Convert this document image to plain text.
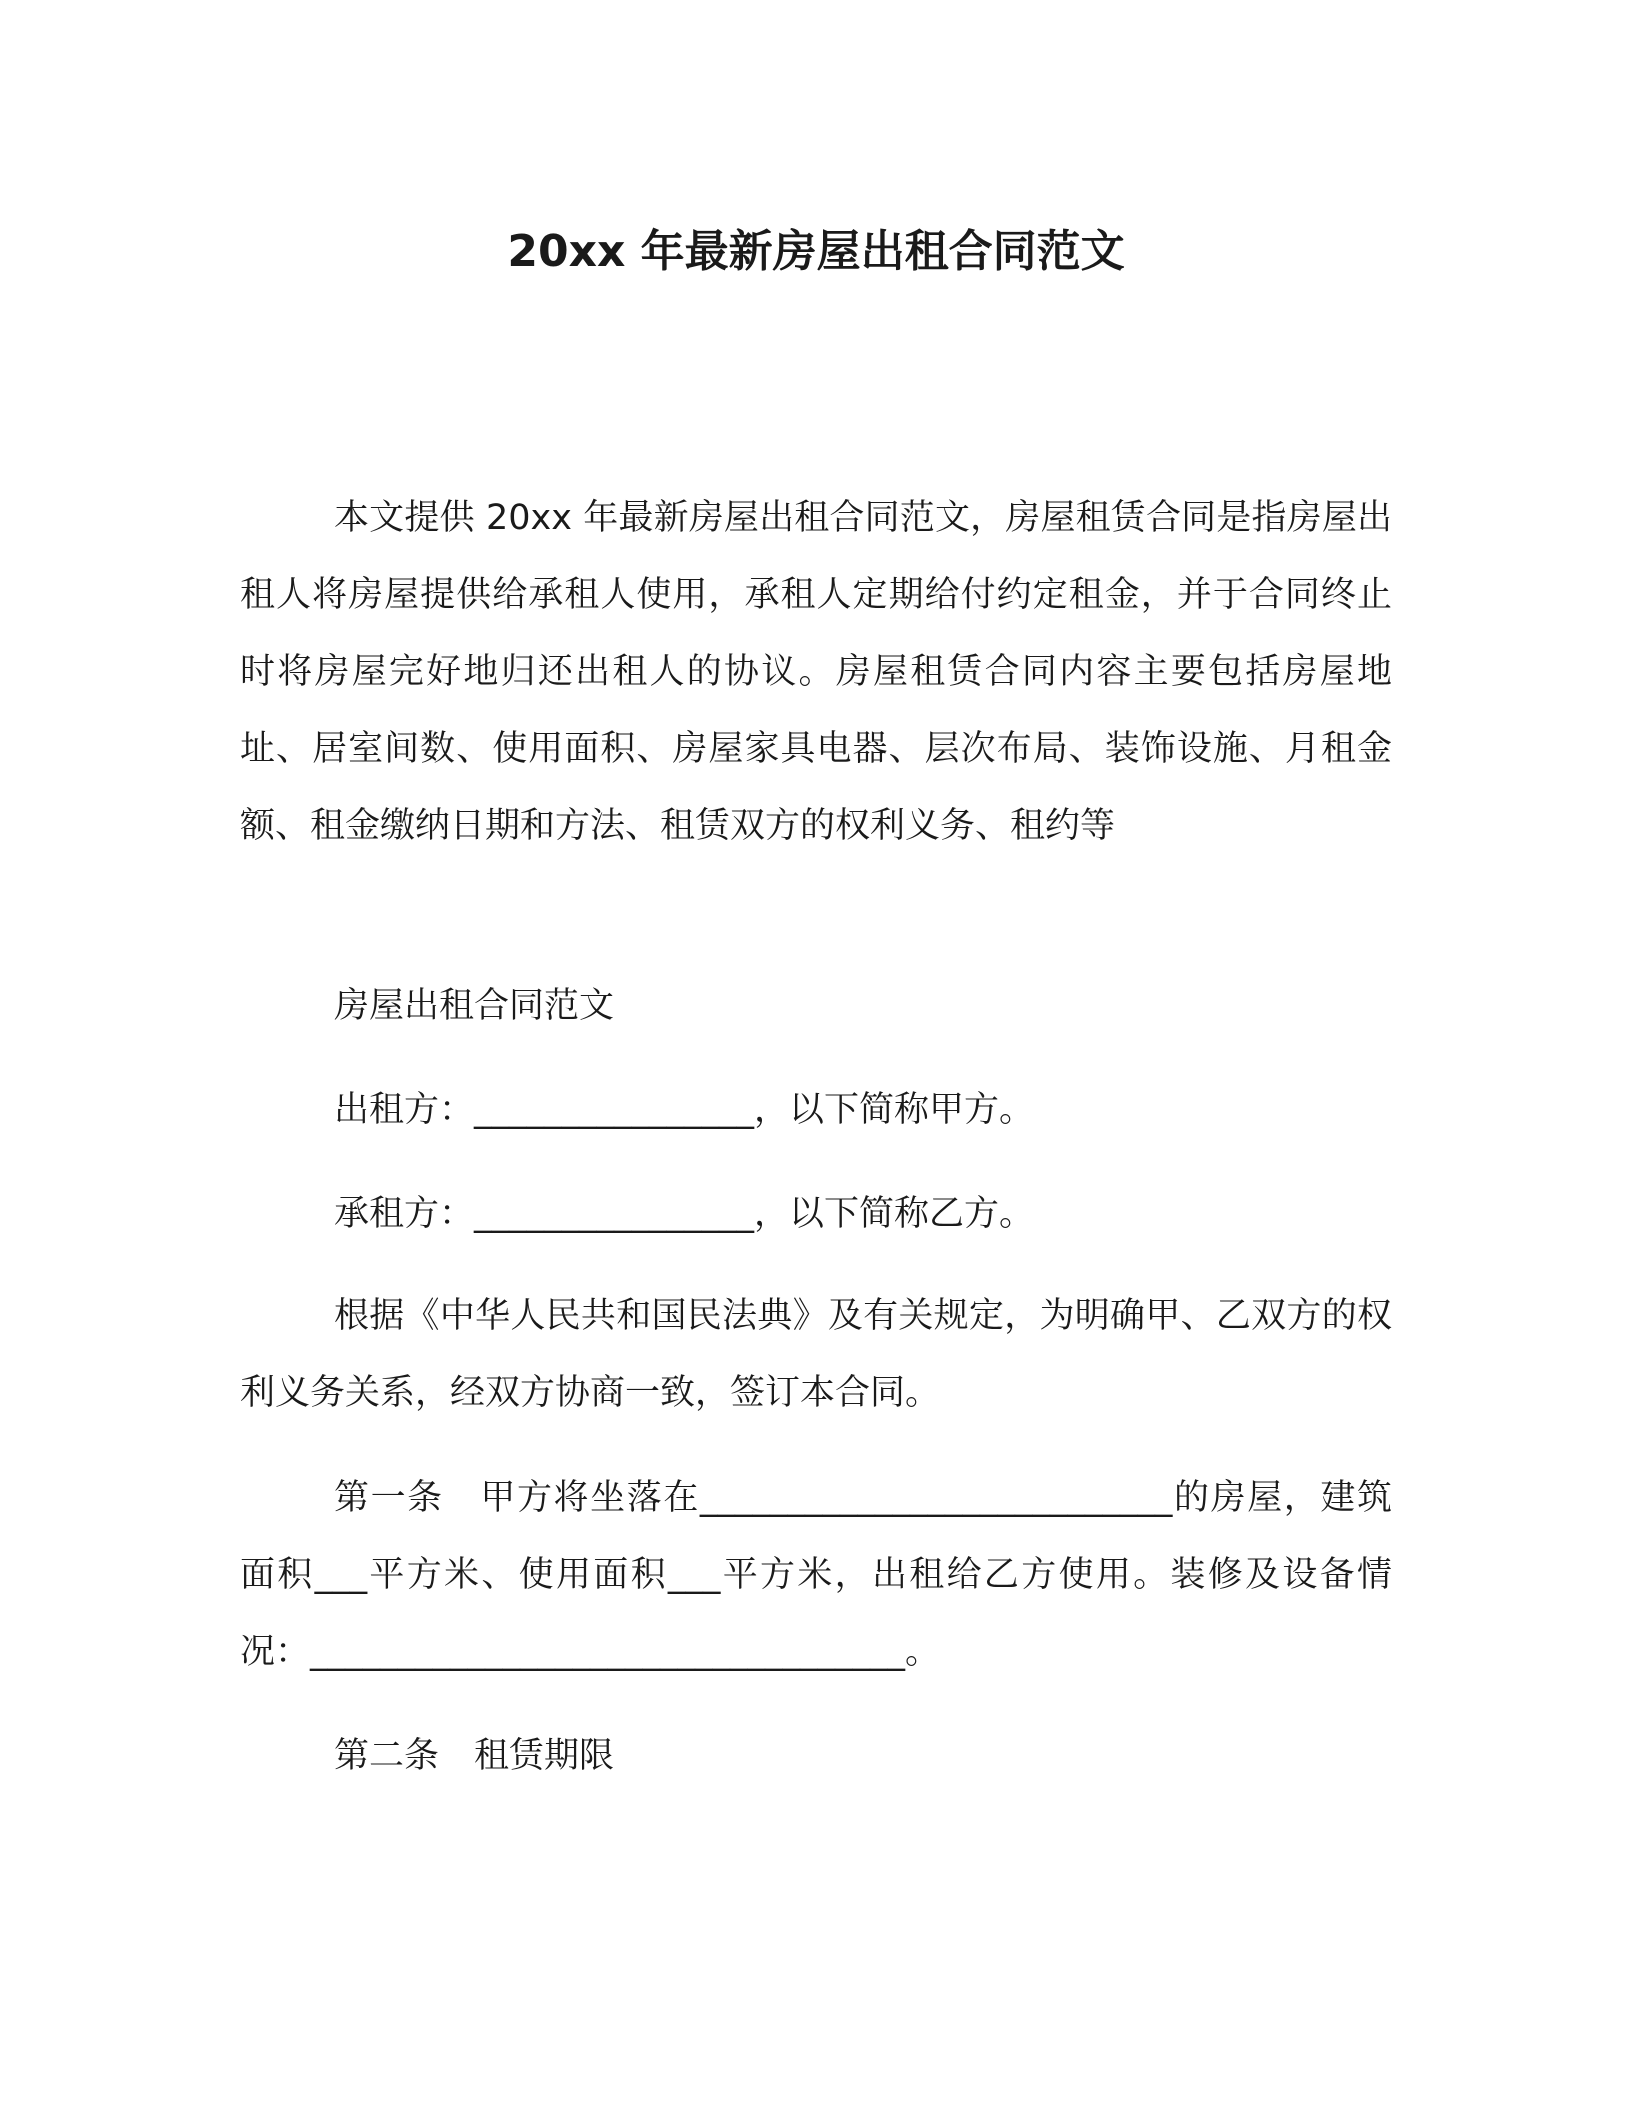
20xx 年最新房屋出租合同范文

本文提供 20xx 年最新房屋出租合同范文，房屋租赁合同是指房屋出租人将房屋提供给承租人使用，承租人定期给付约定租金，并于合同终止时将房屋完好地归还出租人的协议。房屋租赁合同内容主要包括房屋地址、居室间数、使用面积、房屋家具电器、层次布局、装饰设施、月租金额、租金缴纳日期和方法、租赁双方的权利义务、租约等

房屋出租合同范文
出租方：________________，以下简称甲方。
承租方：________________，以下简称乙方。

根据《中华人民共和国民法典》及有关规定，为明确甲、乙双方的权利义务关系，经双方协商一致，签订本合同。

第一条　甲方将坐落在___________________________的房屋，建筑面积___平方米、使用面积___平方米，出租给乙方使用。装修及设备情况：__________________________________。

第二条　租赁期限
